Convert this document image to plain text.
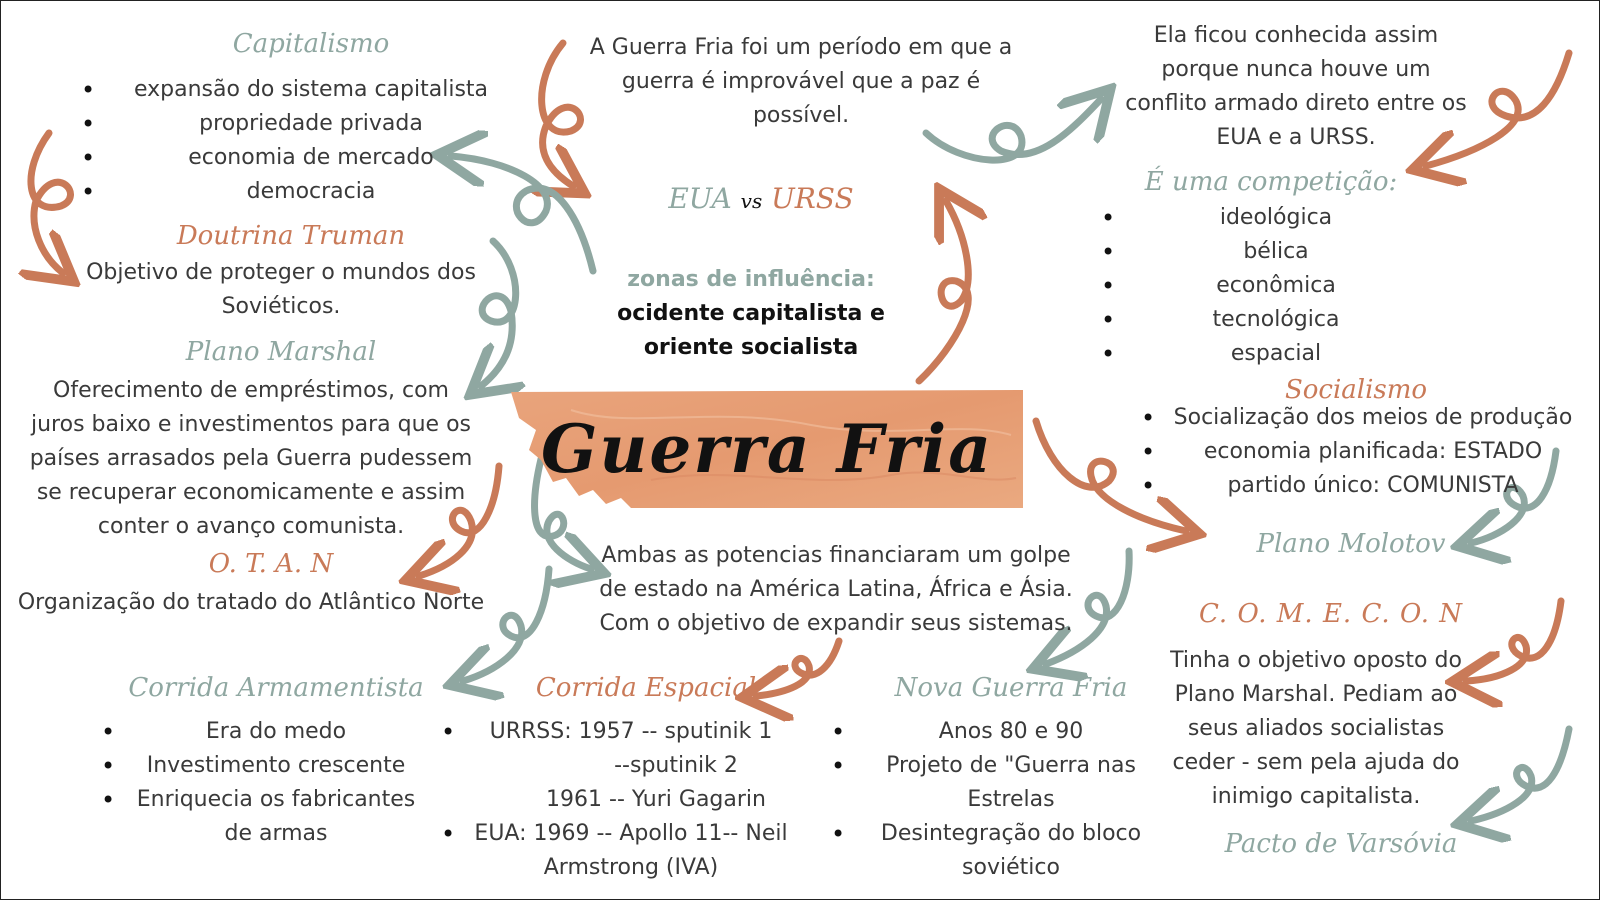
A Guerra Fria foi um período em que a

guerra é improvável que a paz é

possível.

Ela ficou conhecida assim

porque nunca houve um

conflito armado direto entre os

EUA e a URSS.

Capitalismo
• expansão do sistema capitalista
• propriedade privada
• economia de mercado
• democracia
Doutrina Truman

Objetivo de proteger o mundos dos

Soviéticos.

Plano Marshal

Oferecimento de empréstimos, com

juros baixo e investimentos para que os

países arrasados pela Guerra pudessem

se recuperar economicamente e assim

conter o avanço comunista.

O. T. A. N

Organização do tratado do Atlântico Norte

EUA vs URSS

zonas de influência:

ocidente capitalista e

oriente socialista

Guerra Fria
É uma competição:
• ideológica
• bélica
• econômica
• tecnológica
• espacial
Socialismo
• Socialização dos meios de produção
• economia planificada: ESTADO
• partido único: COMUNISTA
Plano Molotov
C. O. M. E. C. O. N

Tinha o objetivo oposto do

Plano Marshal. Pediam ao

seus aliados socialistas

ceder - sem pela ajuda do

inimigo capitalista.

Pacto de Varsóvia

Ambas as potencias financiaram um golpe

de estado na América Latina, África e Ásia.

Com o objetivo de expandir seus sistemas.

Corrida Armamentista
• Era do medo
• Investimento crescente
• Enriquecia os fabricantes
de armas
Corrida Espacial
• URRSS: 1957 -- sputinik 1
--sputinik 2
1961 -- Yuri Gagarin
• EUA: 1969 -- Apollo 11-- Neil
Armstrong (IVA)
Nova Guerra Fria
• Anos 80 e 90
• Projeto de "Guerra nas
Estrelas
• Desintegração do bloco
soviético
